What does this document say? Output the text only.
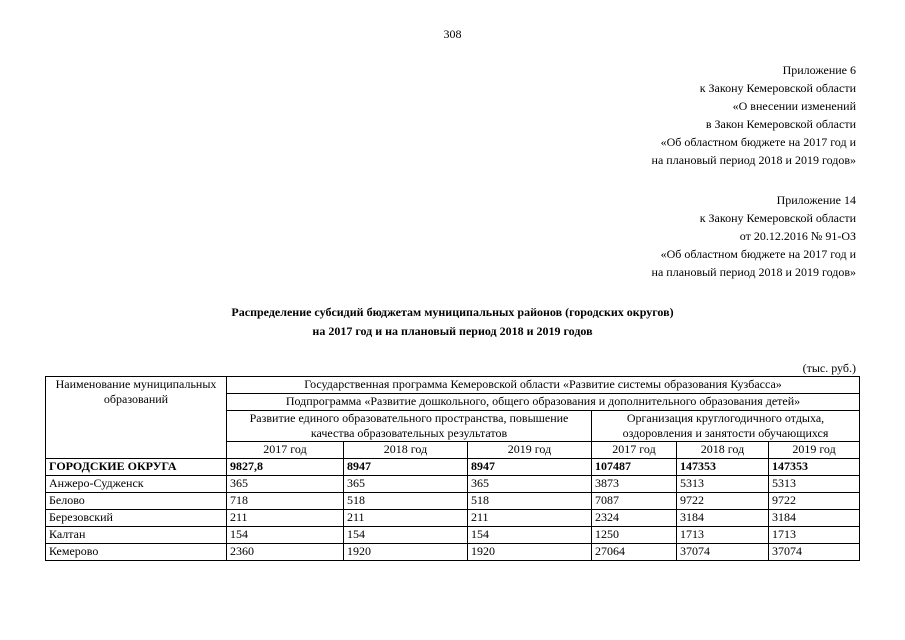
308
Приложение 6
к Закону Кемеровской области
«О внесении изменений
в Закон Кемеровской области
«Об областном бюджете на 2017 год и
на плановый период 2018 и 2019 годов»
Приложение 14
к Закону Кемеровской области
от 20.12.2016 № 91-ОЗ
«Об областном бюджете на 2017 год и
на плановый период 2018 и 2019 годов»
Распределение субсидий бюджетам муниципальных районов (городских округов)
на 2017 год и на плановый период 2018 и 2019 годов
(тыс. руб.)
Наименование муниципальных образований	Государственная программа Кемеровской области «Развитие системы образования Кузбасса»					
	Подпрограмма «Развитие дошкольного, общего образования и дополнительного образования детей»					
	Развитие единого образовательного пространства, повышение качества образовательных результатов			Организация круглогодичного отдыха, оздоровления и занятости обучающихся		
	2017 год	2018 год	2019 год	2017 год	2018 год	2019 год
ГОРОДСКИЕ ОКРУГА	9827,8	8947	8947	107487	147353	147353
Анжеро-Судженск	365	365	365	3873	5313	5313
Белово	718	518	518	7087	9722	9722
Березовский	211	211	211	2324	3184	3184
Калтан	154	154	154	1250	1713	1713
Кемерово	2360	1920	1920	27064	37074	37074
